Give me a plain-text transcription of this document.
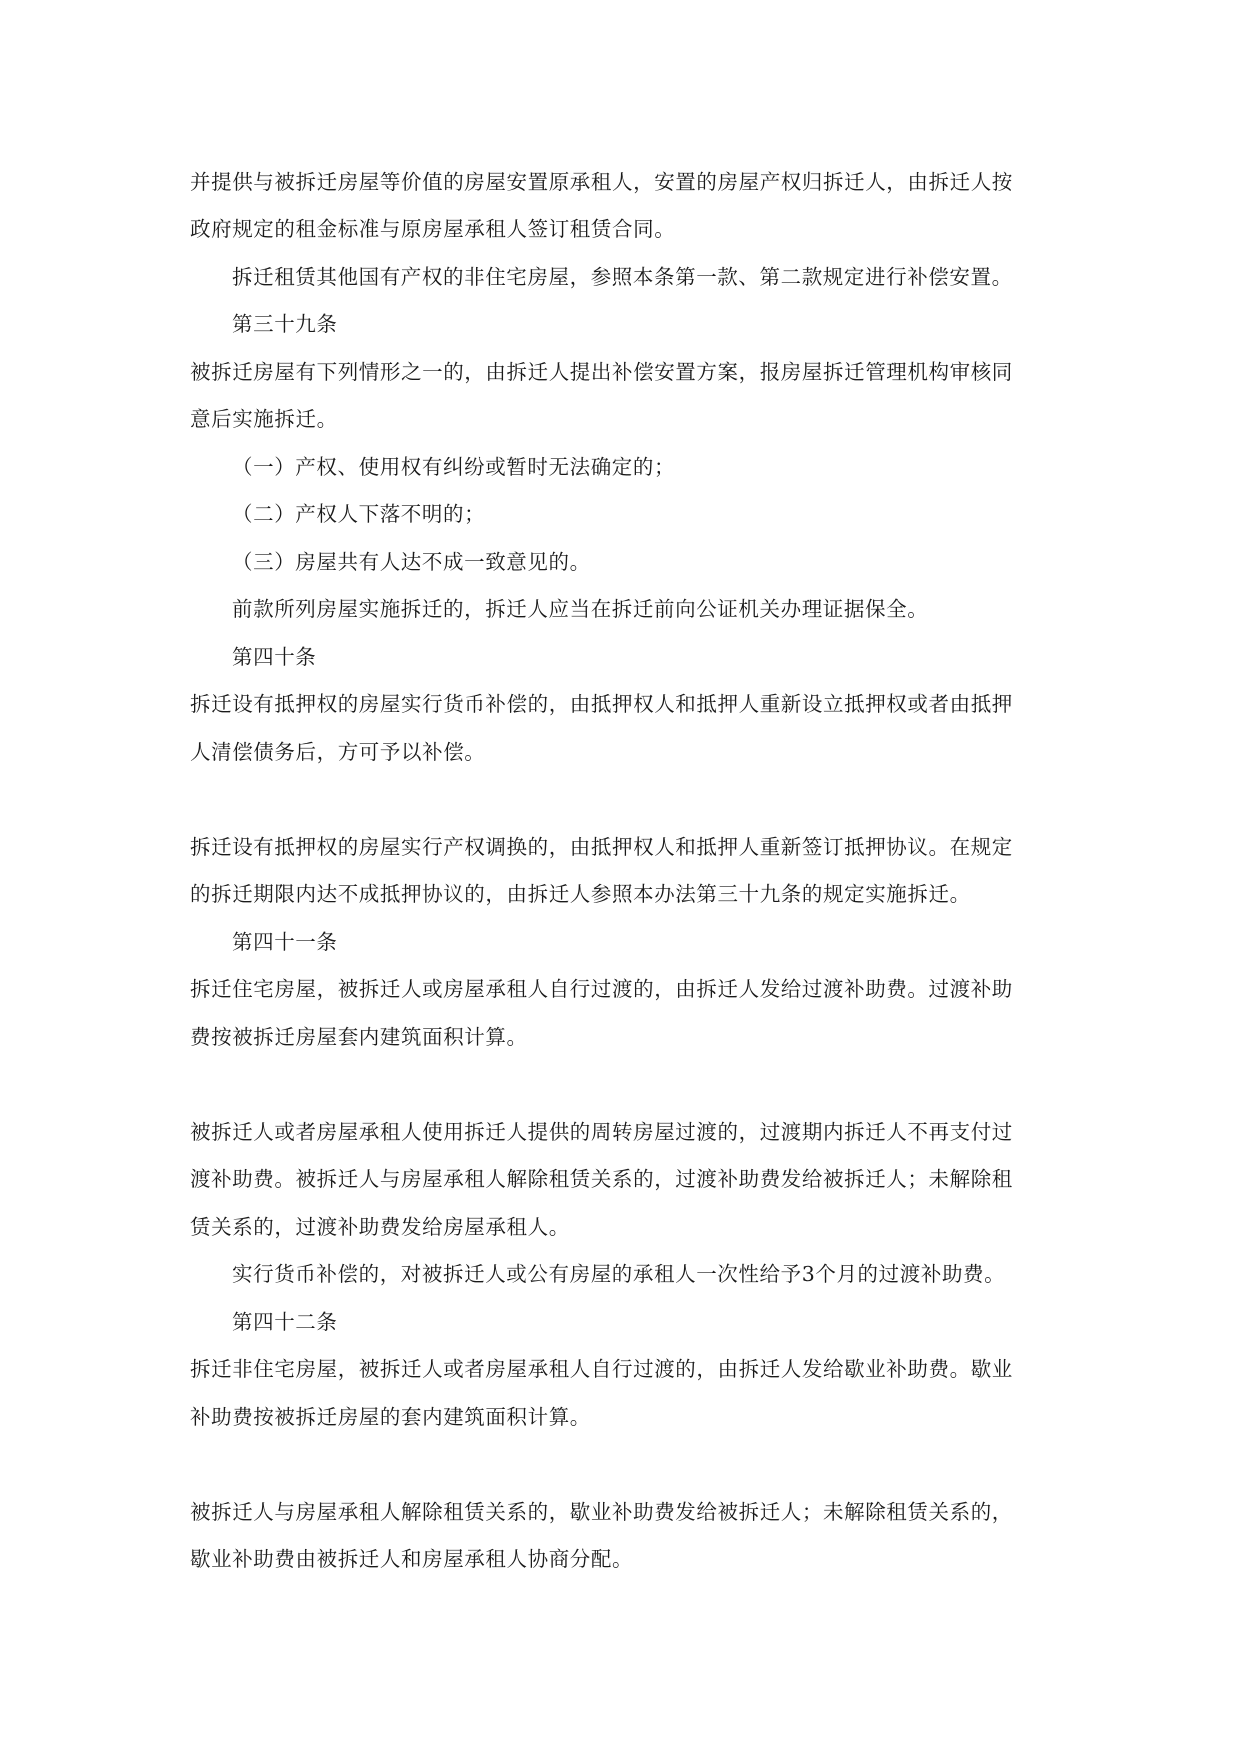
并提供与被拆迁房屋等价值的房屋安置原承租人，安置的房屋产权归拆迁人，由拆迁人按
政府规定的租金标准与原房屋承租人签订租赁合同。
拆迁租赁其他国有产权的非住宅房屋，参照本条第一款、第二款规定进行补偿安置。
第三十九条
被拆迁房屋有下列情形之一的，由拆迁人提出补偿安置方案，报房屋拆迁管理机构审核同
意后实施拆迁。
（一）产权、使用权有纠纷或暂时无法确定的；
（二）产权人下落不明的；
（三）房屋共有人达不成一致意见的。
前款所列房屋实施拆迁的，拆迁人应当在拆迁前向公证机关办理证据保全。
第四十条
拆迁设有抵押权的房屋实行货币补偿的，由抵押权人和抵押人重新设立抵押权或者由抵押
人清偿债务后，方可予以补偿。
拆迁设有抵押权的房屋实行产权调换的，由抵押权人和抵押人重新签订抵押协议。在规定
的拆迁期限内达不成抵押协议的，由拆迁人参照本办法第三十九条的规定实施拆迁。
第四十一条
拆迁住宅房屋，被拆迁人或房屋承租人自行过渡的，由拆迁人发给过渡补助费。过渡补助
费按被拆迁房屋套内建筑面积计算。
被拆迁人或者房屋承租人使用拆迁人提供的周转房屋过渡的，过渡期内拆迁人不再支付过
渡补助费。被拆迁人与房屋承租人解除租赁关系的，过渡补助费发给被拆迁人；未解除租
赁关系的，过渡补助费发给房屋承租人。
实行货币补偿的，对被拆迁人或公有房屋的承租人一次性给予3个月的过渡补助费。
第四十二条
拆迁非住宅房屋，被拆迁人或者房屋承租人自行过渡的，由拆迁人发给歇业补助费。歇业
补助费按被拆迁房屋的套内建筑面积计算。
被拆迁人与房屋承租人解除租赁关系的，歇业补助费发给被拆迁人；未解除租赁关系的，
歇业补助费由被拆迁人和房屋承租人协商分配。
